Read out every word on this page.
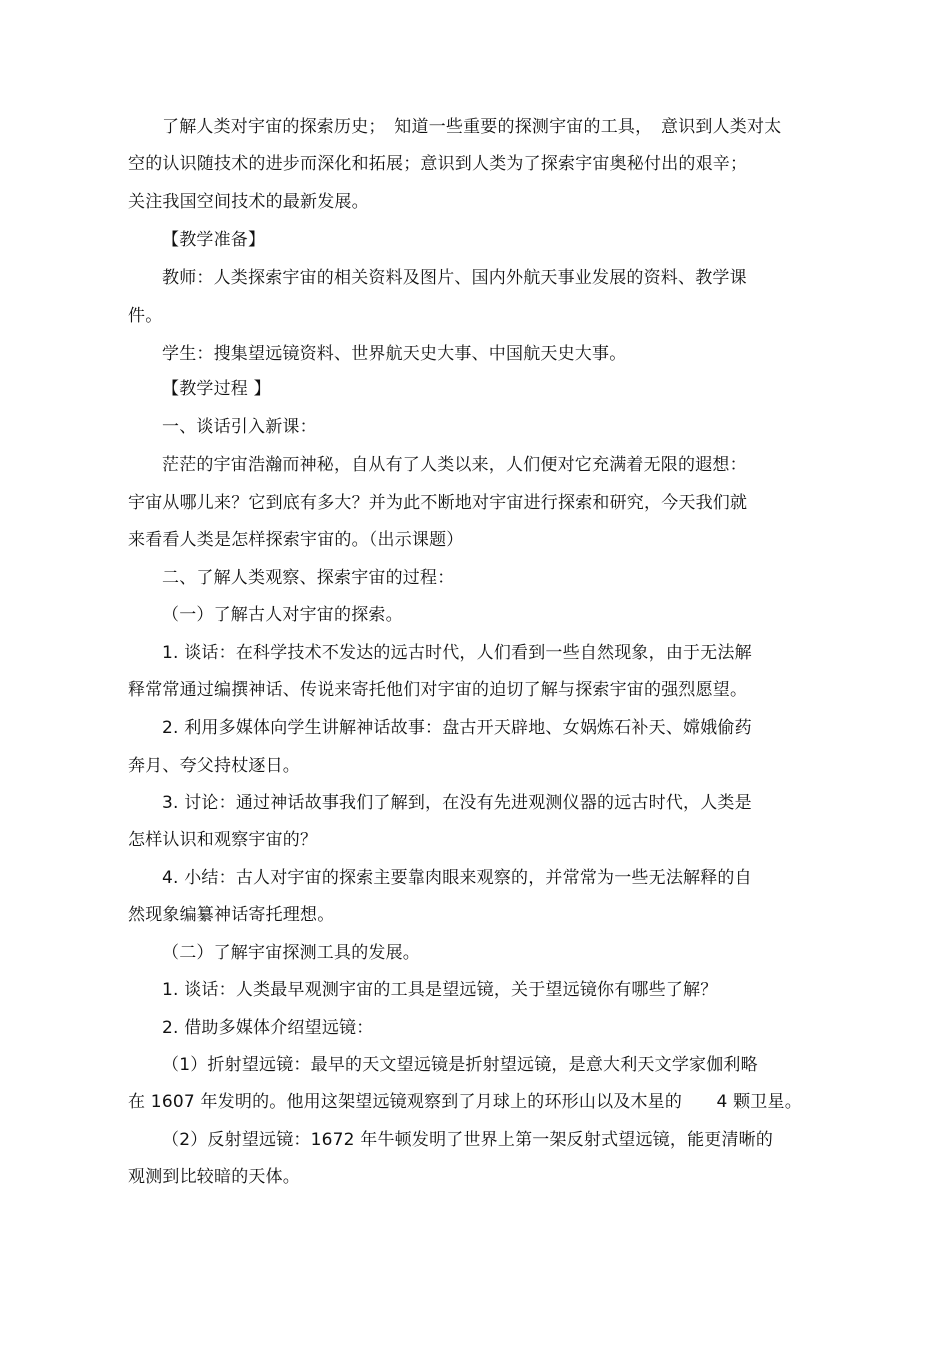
了解人类对宇宙的探索历史；　知道一些重要的探测宇宙的工具，　意识到人类对太
空的认识随技术的进步而深化和拓展；意识到人类为了探索宇宙奥秘付出的艰辛；
关注我国空间技术的最新发展。
【教学准备】
教师：人类探索宇宙的相关资料及图片、国内外航天事业发展的资料、教学课
件。
学生：搜集望远镜资料、世界航天史大事、中国航天史大事。
【教学过程 】
一、谈话引入新课：
茫茫的宇宙浩瀚而神秘，自从有了人类以来，人们便对它充满着无限的遐想：
宇宙从哪儿来？它到底有多大？并为此不断地对宇宙进行探索和研究，今天我们就
来看看人类是怎样探索宇宙的。（出示课题）
二、了解人类观察、探索宇宙的过程：
（一）了解古人对宇宙的探索。
1. 谈话：在科学技术不发达的远古时代，人们看到一些自然现象，由于无法解
释常常通过编撰神话、传说来寄托他们对宇宙的迫切了解与探索宇宙的强烈愿望。
2. 利用多媒体向学生讲解神话故事：盘古开天辟地、女娲炼石补天、嫦娥偷药
奔月、夸父持杖逐日。
3. 讨论：通过神话故事我们了解到，在没有先进观测仪器的远古时代，人类是
怎样认识和观察宇宙的？
4. 小结：古人对宇宙的探索主要靠肉眼来观察的，并常常为一些无法解释的自
然现象编纂神话寄托理想。
（二）了解宇宙探测工具的发展。
1. 谈话：人类最早观测宇宙的工具是望远镜，关于望远镜你有哪些了解？
2. 借助多媒体介绍望远镜：
（1）折射望远镜：最早的天文望远镜是折射望远镜，是意大利天文学家伽利略
在 1607 年发明的。他用这架望远镜观察到了月球上的环形山以及木星的　　4 颗卫星。
（2）反射望远镜：1672 年牛顿发明了世界上第一架反射式望远镜，能更清晰的
观测到比较暗的天体。
